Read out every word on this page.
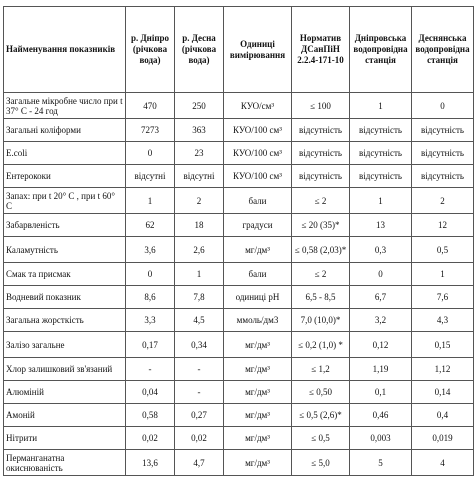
Найменування показників	р. Дніпро (річкова вода)	р. Десна (річкова вода)	Одиниці вимірювання	Норматив ДСанПіН 2.2.4-171-10	Дніпровська водопровідна станція	Деснянська водопровідна станція
Загальне мікробне число при t 37° С - 24 год	470	250	КУО/см³	≤ 100	1	0
Загальні коліформи	7273	363	КУО/100 см³	відсутність	відсутність	відсутність
E.coli	0	23	КУО/100 см³	відсутність	відсутність	відсутність
Ентерококи	відсутні	відсутні	КУО/100 см³	відсутність	відсутність	відсутність
Запах: при t 20° С , при t 60° С	1	2	бали	≤ 2	1	2
Забарвленість	62	18	градуси	≤ 20 (35)*	13	12
Каламутність	3,6	2,6	мг/дм³	≤ 0,58 (2,03)*	0,3	0,5
Смак та присмак	0	1	бали	≤ 2	0	1
Водневий показник	8,6	7,8	одиниці рН	6,5 - 8,5	6,7	7,6
Загальна жорсткість	3,3	4,5	ммоль/дм3	7,0 (10,0)*	3,2	4,3
Залізо загальне	0,17	0,34	мг/дм³	≤ 0,2 (1,0) *	0,12	0,15
Хлор залишковий зв'язаний	-	-	мг/дм³	≤ 1,2	1,19	1,12
Алюміній	0,04	-	мг/дм³	≤ 0,50	0,1	0,14
Амоній	0,58	0,27	мг/дм³	≤ 0,5 (2,6)*	0,46	0,4
Нітрити	0,02	0,02	мг/дм³	≤ 0,5	0,003	0,019
Перманганатна окиснюваність	13,6	4,7	мг/дм³	≤ 5,0	5	4
